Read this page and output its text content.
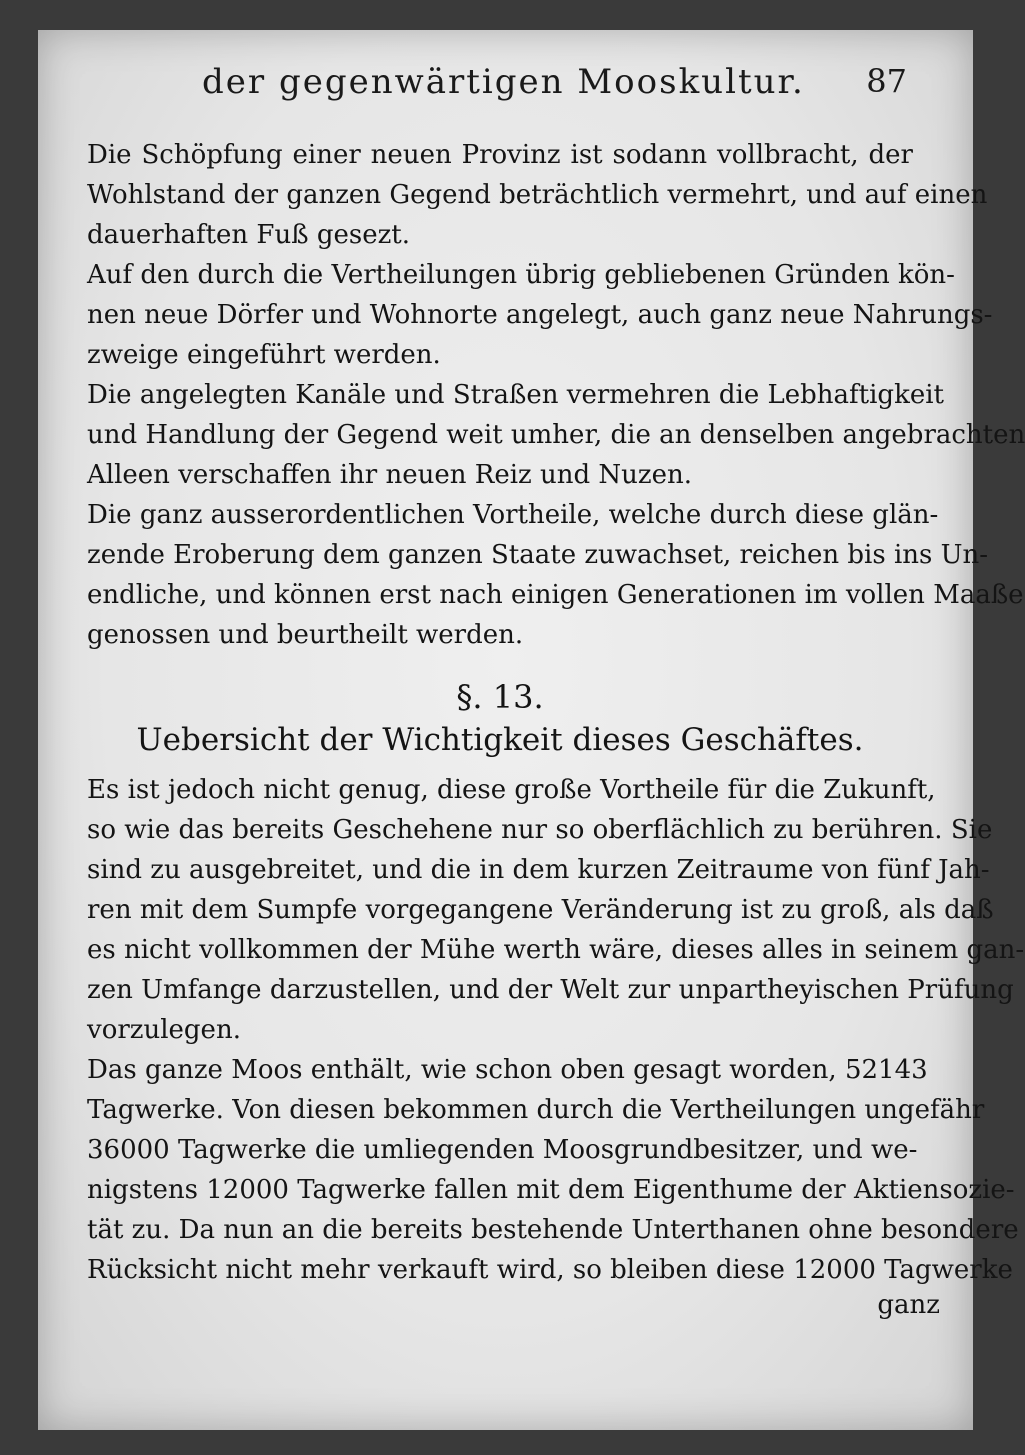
der gegenwärtigen Mooskultur. 87
Die Schöpfung einer neuen Provinz ist sodann vollbracht, der
Wohlstand der ganzen Gegend beträchtlich vermehrt, und auf einen
dauerhaften Fuß gesezt.
Auf den durch die Vertheilungen übrig gebliebenen Gründen kön-
nen neue Dörfer und Wohnorte angelegt, auch ganz neue Nahrungs-
zweige eingeführt werden.
Die angelegten Kanäle und Straßen vermehren die Lebhaftigkeit
und Handlung der Gegend weit umher, die an denselben angebrachten
Alleen verschaffen ihr neuen Reiz und Nuzen.
Die ganz ausserordentlichen Vortheile, welche durch diese glän-
zende Eroberung dem ganzen Staate zuwachset, reichen bis ins Un-
endliche, und können erst nach einigen Generationen im vollen Maaße
genossen und beurtheilt werden.
§. 13.
Uebersicht der Wichtigkeit dieses Geschäftes.
Es ist jedoch nicht genug, diese große Vortheile für die Zukunft,
so wie das bereits Geschehene nur so oberflächlich zu berühren. Sie
sind zu ausgebreitet, und die in dem kurzen Zeitraume von fünf Jah-
ren mit dem Sumpfe vorgegangene Veränderung ist zu groß, als daß
es nicht vollkommen der Mühe werth wäre, dieses alles in seinem gan-
zen Umfange darzustellen, und der Welt zur unpartheyischen Prüfung
vorzulegen.
Das ganze Moos enthält, wie schon oben gesagt worden, 52143
Tagwerke. Von diesen bekommen durch die Vertheilungen ungefähr
36000 Tagwerke die umliegenden Moosgrundbesitzer, und we-
nigstens 12000 Tagwerke fallen mit dem Eigenthume der Aktiensozie-
tät zu. Da nun an die bereits bestehende Unterthanen ohne besondere
Rücksicht nicht mehr verkauft wird, so bleiben diese 12000 Tagwerke
ganz
